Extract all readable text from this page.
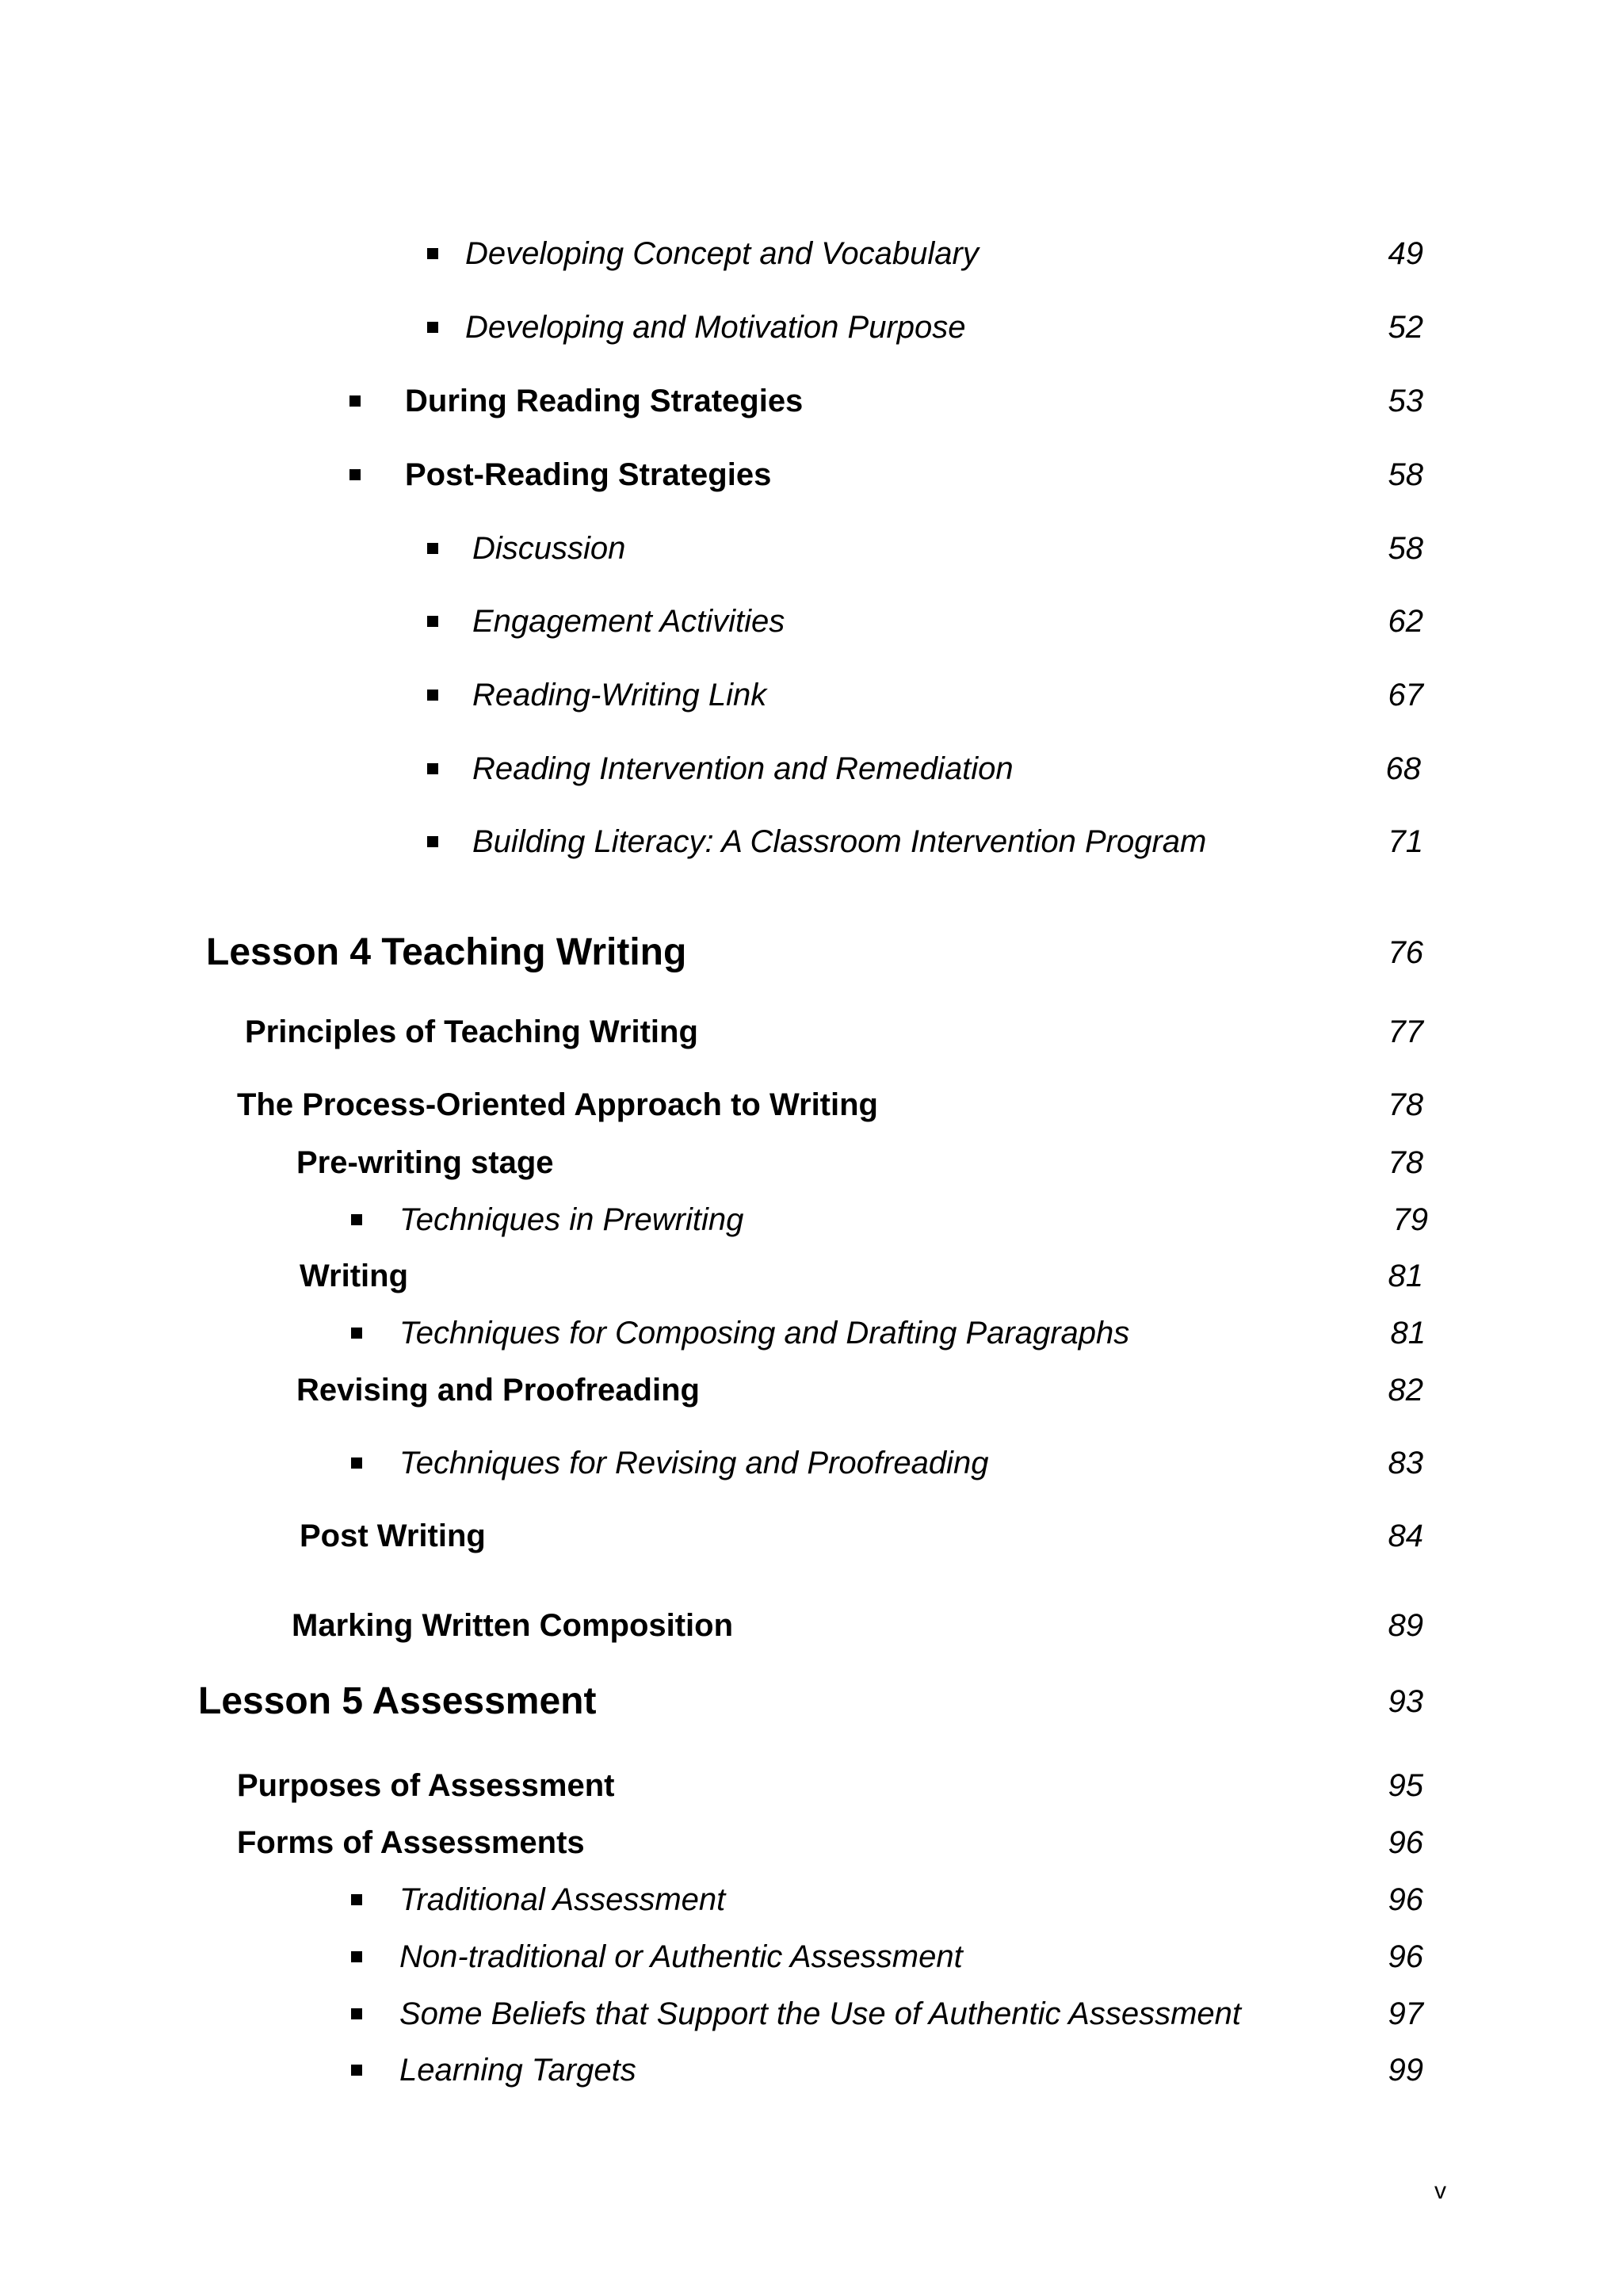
Developing Concept and Vocabulary	49
Developing and Motivation Purpose	52
During Reading Strategies	53
Post-Reading Strategies	58
Discussion	58
Engagement Activities	62
Reading-Writing Link	67
Reading Intervention and Remediation	68
Building Literacy: A Classroom Intervention Program	71
Lesson 4 Teaching Writing	76
Principles of Teaching Writing	77
The Process-Oriented Approach to Writing	78
Pre-writing stage	78
Techniques in Prewriting	79
Writing	81
Techniques for Composing and Drafting Paragraphs	81
Revising and Proofreading	82
Techniques for Revising and Proofreading	83
Post Writing	84
Marking Written Composition	89
Lesson 5 Assessment	93
Purposes of Assessment	95
Forms of Assessments	96
Traditional Assessment	96
Non-traditional or Authentic Assessment	96
Some Beliefs that Support the Use of Authentic Assessment	97
Learning Targets	99
v
